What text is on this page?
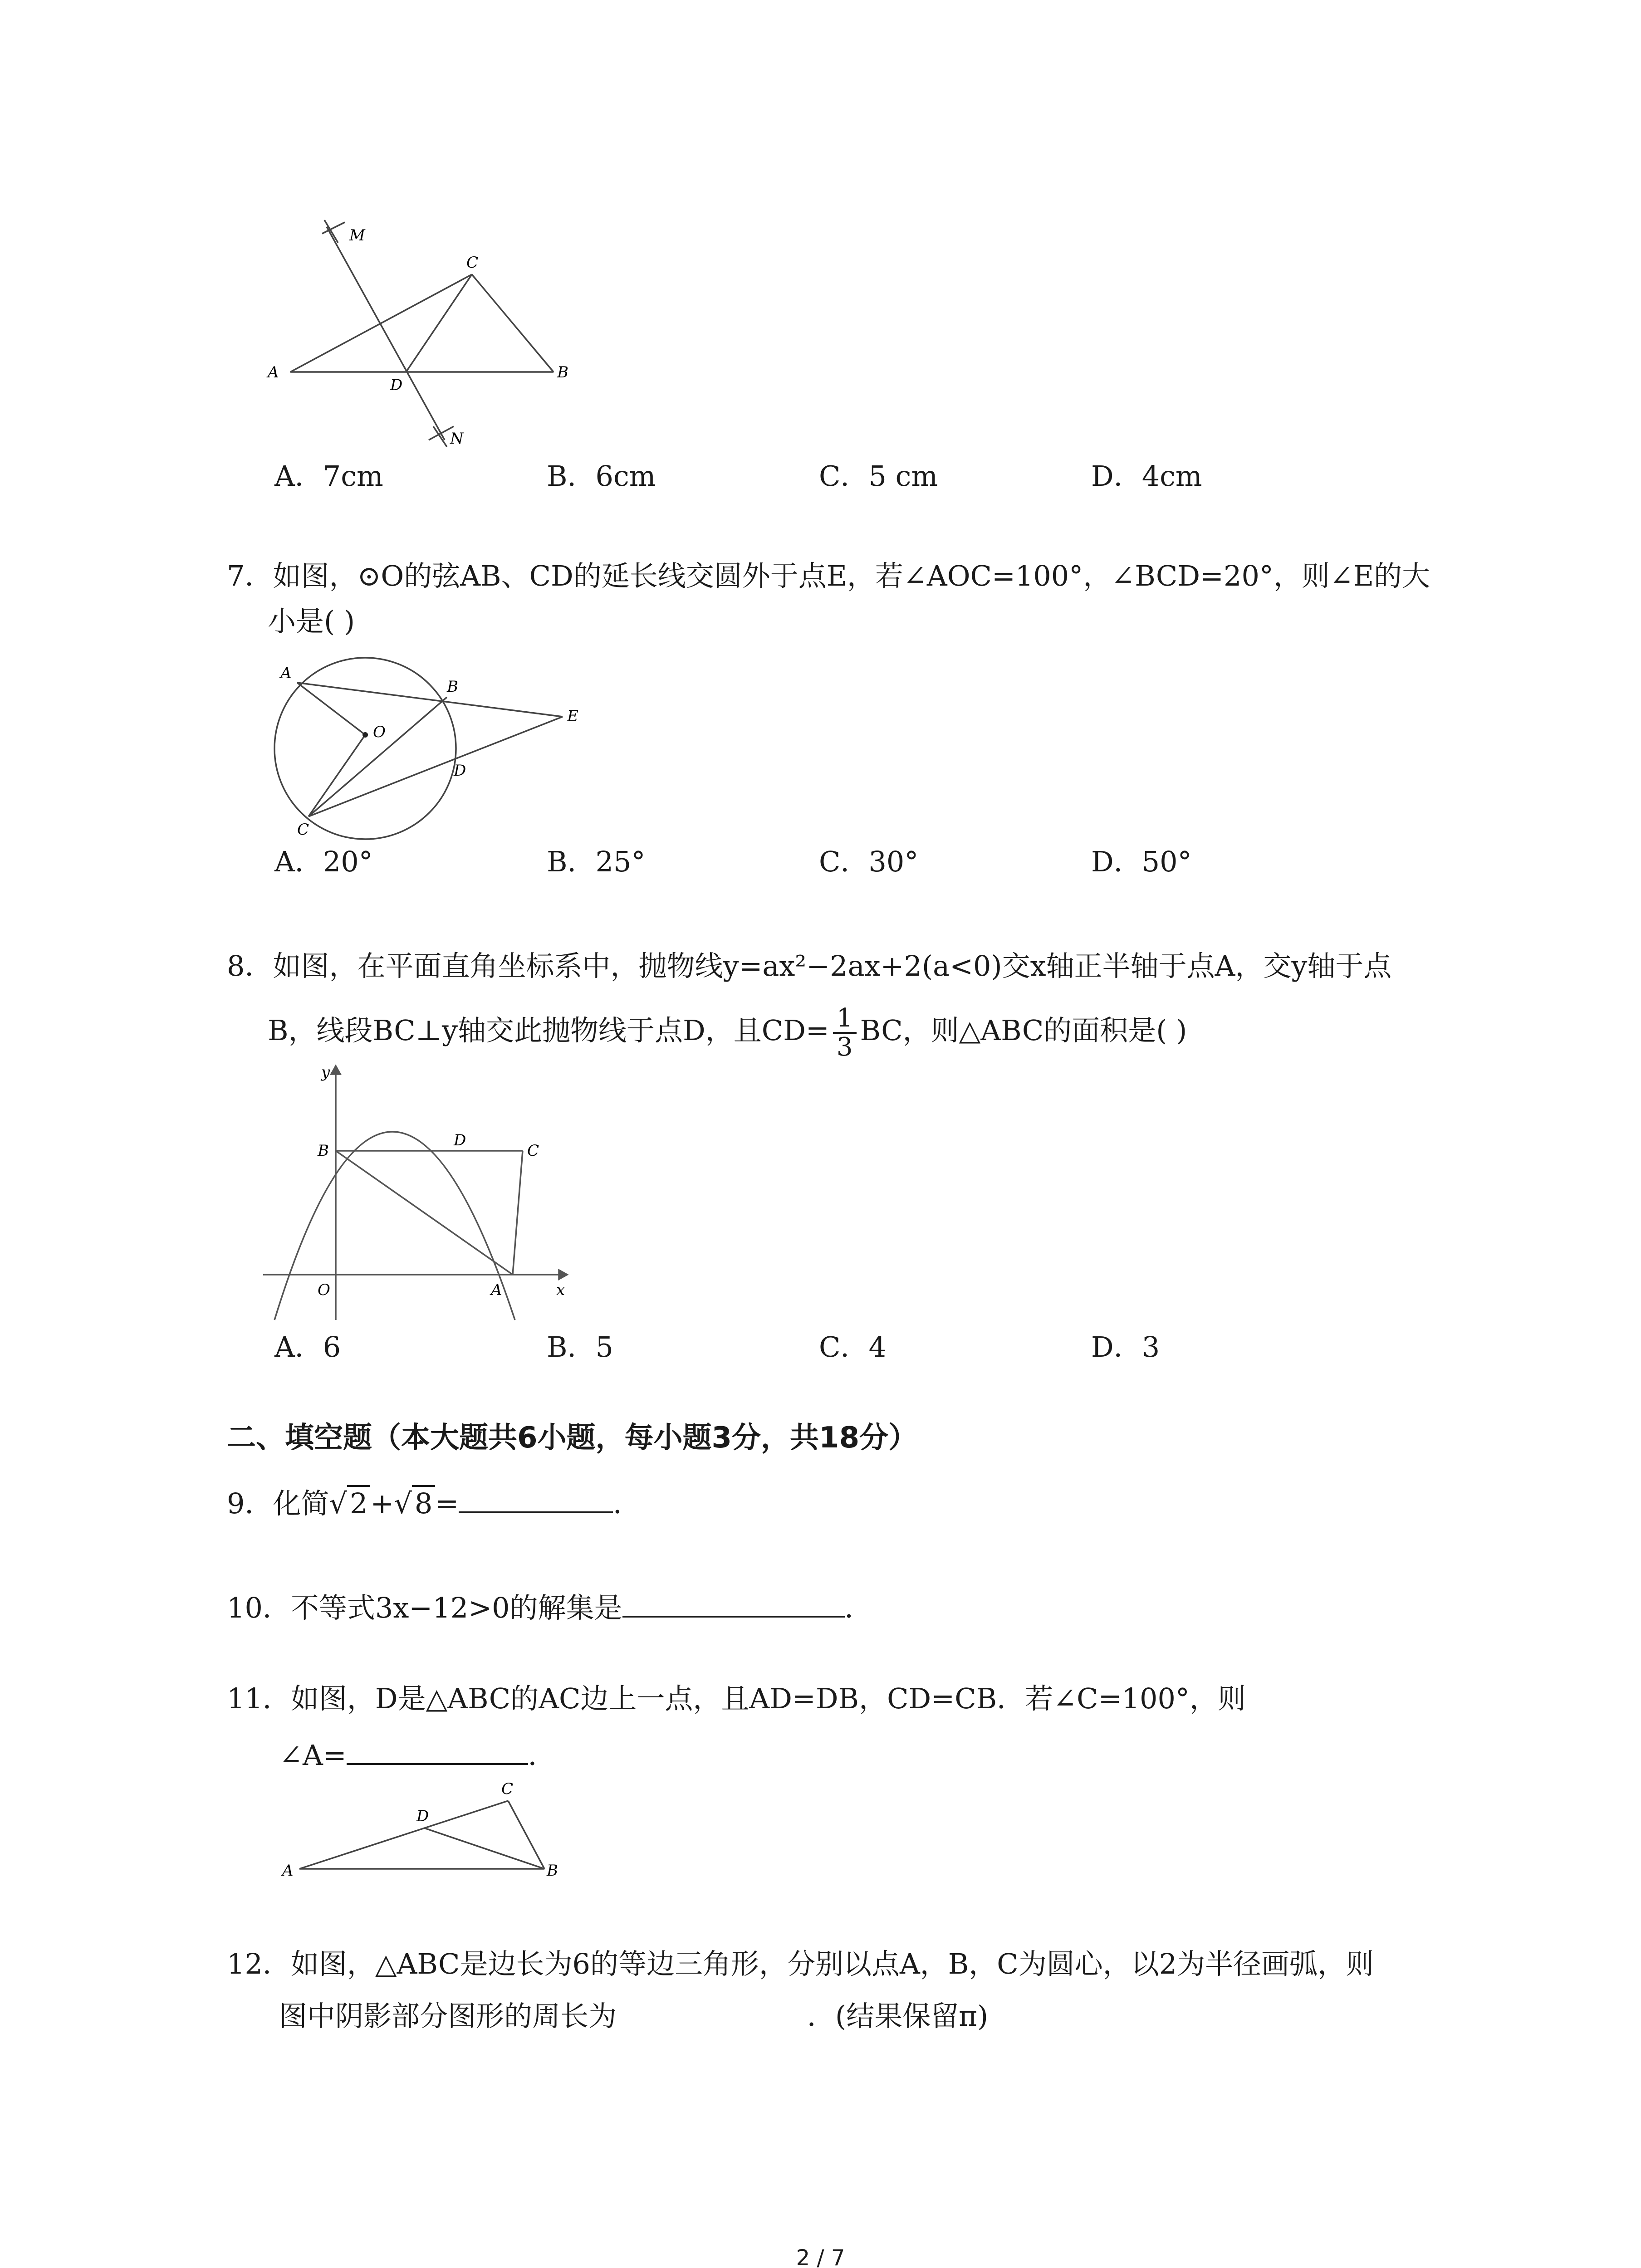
M
C
A
D
B
N
A．7cm	B．6cm	C．5 cm	D．4cm
7．如图，⊙O的弦AB、CD的延长线交圆外于点E，若∠AOC=100°，∠BCD=20°，则∠E的大
小是( )
A
B
O
E
D
C
A．20°	B．25°	C．30°	D．50°
8．如图，在平面直角坐标系中，抛物线y=ax²−2ax+2(a<0)交x轴正半轴于点A，交y轴于点
B，线段BC⊥y轴交此抛物线于点D，且$CD= \frac{1}{3}$ BC，则△ABC的面积是( )
y
B
D
C
O	A	x
A．6	B．5	C．4	D．3
二、填空题（本大题共6小题，每小题3分，共18分）
9．化简√2+√8=	．
10．不等式3x−12>0的解集是	．
11．如图，D是△ABC的AC边上一点，且AD=DB，CD=CB．若∠C=100°，则
∠A=	．
D
C
A	B
12．如图，△ABC是边长为6的等边三角形，分别以点A，B，C为圆心，以2为半径画弧，则
图中阴影部分图形的周长为	．(结果保留π)
2 / 7
